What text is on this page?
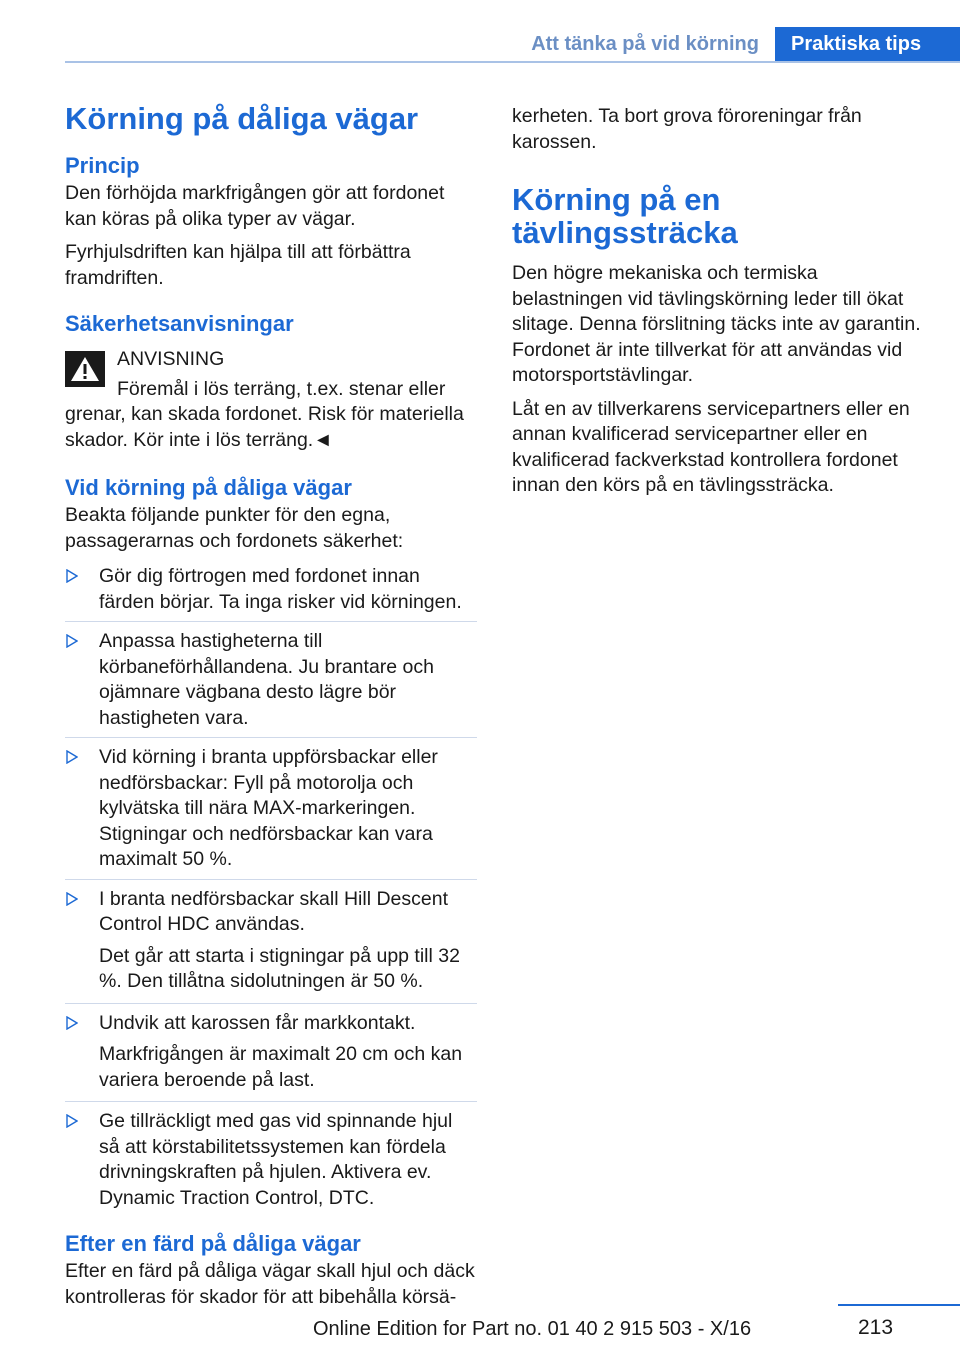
Att tänka på vid körning	Praktiska tips
Körning på dåliga vägar
Princip

Den förhöjda markfrigången gör att fordonet kan köras på olika typer av vägar.

Fyrhjulsdriften kan hjälpa till att förbättra framdriften.

Säkerhetsanvisningar
ANVISNING

Föremål i lös terräng, t.ex. stenar eller grenar, kan skada fordonet. Risk för materiella skador. Kör inte i lös terräng.◄

Vid körning på dåliga vägar

Beakta följande punkter för den egna, passagerarnas och fordonets säkerhet:

Gör dig förtrogen med fordonet innan färden börjar. Ta inga risker vid körningen.
Anpassa hastigheterna till körbaneförhållandena. Ju brantare och ojämnare vägbana desto lägre bör hastigheten vara.
Vid körning i branta uppförsbackar eller nedförsbackar: Fyll på motorolja och kylvätska till nära MAX-markeringen. Stigningar och nedförsbackar kan vara maximalt 50 %.
I branta nedförsbackar skall Hill Descent Control HDC användas.

Det går att starta i stigningar på upp till 32 %. Den tillåtna sidolutningen är 50 %.

Undvik att karossen får markkontakt.

Markfrigången är maximalt 20 cm och kan variera beroende på last.

Ge tillräckligt med gas vid spinnande hjul så att körstabilitetssystemen kan fördela drivningskraften på hjulen. Aktivera ev. Dynamic Traction Control, DTC.
Efter en färd på dåliga vägar

Efter en färd på dåliga vägar skall hjul och däck kontrolleras för skador för att bibehålla körsä-

kerheten. Ta bort grova föroreningar från karossen.

Körning på en tävlingssträcka

Den högre mekaniska och termiska belastningen vid tävlingskörning leder till ökat slitage. Denna förslitning täcks inte av garantin. Fordonet är inte tillverkat för att användas vid motorsportstävlingar.

Låt en av tillverkarens servicepartners eller en annan kvalificerad servicepartner eller en kvalificerad fackverkstad kontrollera fordonet innan den körs på en tävlingssträcka.

213
Online Edition for Part no. 01 40 2 915 503 - X/16
